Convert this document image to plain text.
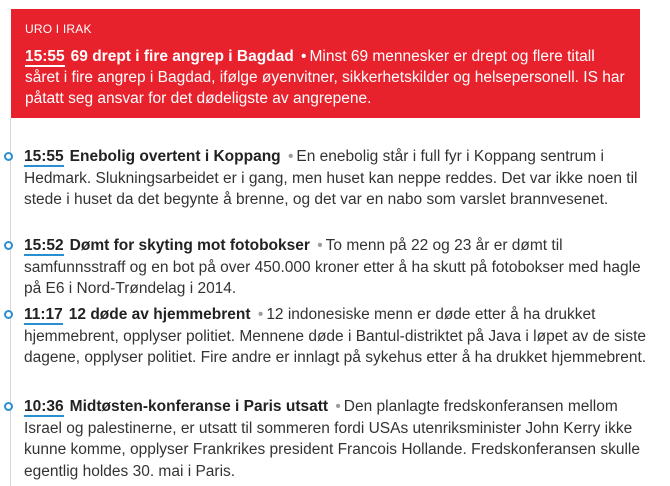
URO I IRAK
15:55 69 drept i fire angrep i Bagdad • Minst 69 mennesker er drept og flere titall såret i fire angrep i Bagdad, ifølge øyenvitner, sikkerhetskilder og helsepersonell. IS har påtatt seg ansvar for det dødeligste av angrepene.
15:55 Enebolig overtent i Koppang • En enebolig står i full fyr i Koppang sentrum i Hedmark. Slukningsarbeidet er i gang, men huset kan neppe reddes. Det var ikke noen til stede i huset da det begynte å brenne, og det var en nabo som varslet brannvesenet.
15:52 Dømt for skyting mot fotobokser • To menn på 22 og 23 år er dømt til samfunnsstraff og en bot på over 450.000 kroner etter å ha skutt på fotobokser med hagle på E6 i Nord-Trøndelag i 2014.
11:17 12 døde av hjemmebrent • 12 indonesiske menn er døde etter å ha drukket hjemmebrent, opplyser politiet. Mennene døde i Bantul-distriktet på Java i løpet av de siste dagene, opplyser politiet. Fire andre er innlagt på sykehus etter å ha drukket hjemmebrent.
10:36 Midtøsten-konferanse i Paris utsatt • Den planlagte fredskonferansen mellom Israel og palestinerne, er utsatt til sommeren fordi USAs utenriksminister John Kerry ikke kunne komme, opplyser Frankrikes president Francois Hollande. Fredskonferansen skulle egentlig holdes 30. mai i Paris.
